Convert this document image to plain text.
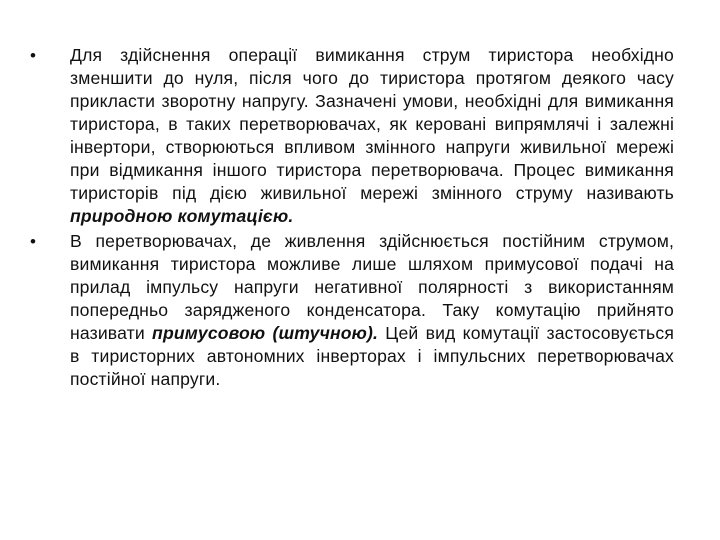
•	Для здійснення операції вимикання струм тиристора необхідно зменшити до нуля, після чого до тиристора протягом деякого часу прикласти зворотну напругу. Зазначені умови, необхідні для вимикання тиристора, в таких перетворювачах, як керовані випрямлячі і залежні інвертори, створюються впливом змінного напруги живильної мережі при відмикання іншого тиристора перетворювача. Процес вимикання тиристорів під дією живильної мережі змінного струму називають природною комутацією.
•	В перетворювачах, де живлення здійснюється постійним струмом, вимикання тиристора можливе лише шляхом примусової подачі на прилад імпульсу напруги негативної полярності з використанням попередньо зарядженого конденсатора. Таку комутацію прийнято називати примусовою (штучною). Цей вид комутації застосовується в тиристорних автономних інверторах і імпульсних перетворювачах постійної напруги.
